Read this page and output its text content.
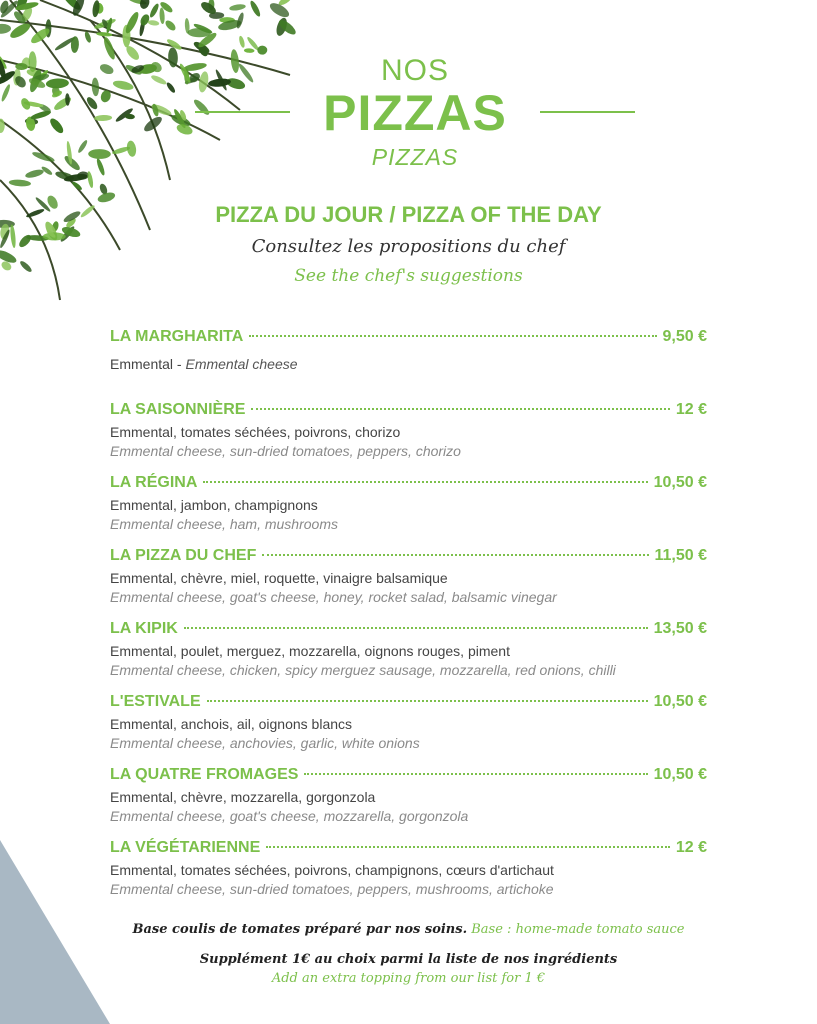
NOS
PIZZAS
PIZZAS
PIZZA DU JOUR / PIZZA OF THE DAY
Consultez les propositions du chef
See the chef's suggestions
LA MARGHARITA	9,50 €
Emmental - Emmental cheese
LA SAISONNIÈRE	12 €
Emmental, tomates séchées, poivrons, chorizo
Emmental cheese, sun-dried tomatoes, peppers, chorizo
LA RÉGINA	10,50 €
Emmental, jambon, champignons
Emmental cheese, ham, mushrooms
LA PIZZA DU CHEF	11,50 €
Emmental, chèvre, miel, roquette, vinaigre balsamique
Emmental cheese, goat's cheese, honey, rocket salad, balsamic vinegar
LA KIPIK	13,50 €
Emmental, poulet, merguez, mozzarella, oignons rouges, piment
Emmental cheese, chicken, spicy merguez sausage, mozzarella, red onions, chilli
L'ESTIVALE	10,50 €
Emmental, anchois, ail, oignons blancs
Emmental cheese, anchovies, garlic, white onions
LA QUATRE FROMAGES	10,50 €
Emmental, chèvre, mozzarella, gorgonzola
Emmental cheese, goat's cheese, mozzarella, gorgonzola
LA VÉGÉTARIENNE	12 €
Emmental, tomates séchées, poivrons, champignons, cœurs d'artichaut
Emmental cheese, sun-dried tomatoes, peppers, mushrooms, artichoke
Base coulis de tomates préparé par nos soins. Base : home-made tomato sauce
Supplément 1€ au choix parmi la liste de nos ingrédients
Add an extra topping from our list for 1 €
